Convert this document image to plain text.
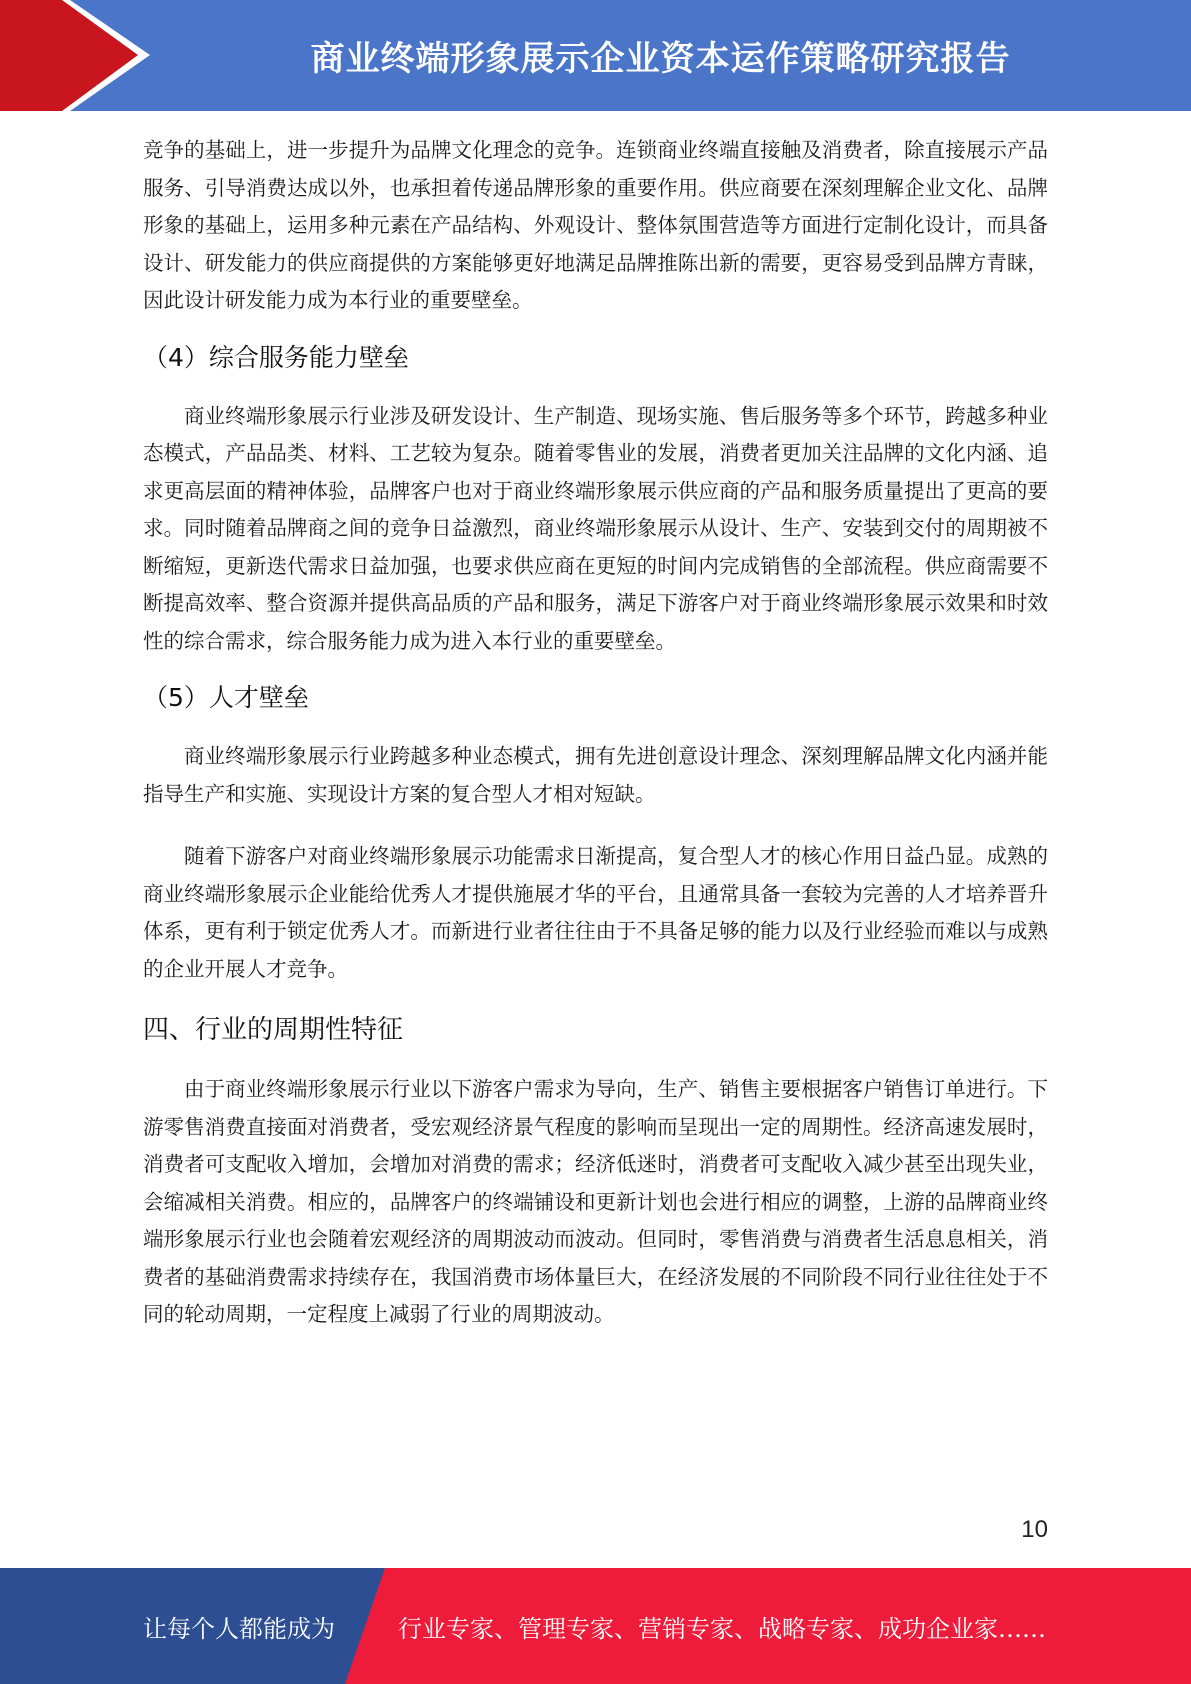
商业终端形象展示企业资本运作策略研究报告

竞争的基础上，进一步提升为品牌文化理念的竞争。连锁商业终端直接触及消费者，除直接展示产品服务、引导消费达成以外，也承担着传递品牌形象的重要作用。供应商要在深刻理解企业文化、品牌形象的基础上，运用多种元素在产品结构、外观设计、整体氛围营造等方面进行定制化设计，而具备设计、研发能力的供应商提供的方案能够更好地满足品牌推陈出新的需要，更容易受到品牌方青睐，因此设计研发能力成为本行业的重要壁垒。

（4）综合服务能力壁垒

商业终端形象展示行业涉及研发设计、生产制造、现场实施、售后服务等多个环节，跨越多种业态模式，产品品类、材料、工艺较为复杂。随着零售业的发展，消费者更加关注品牌的文化内涵、追求更高层面的精神体验，品牌客户也对于商业终端形象展示供应商的产品和服务质量提出了更高的要求。同时随着品牌商之间的竞争日益激烈，商业终端形象展示从设计、生产、安装到交付的周期被不断缩短，更新迭代需求日益加强，也要求供应商在更短的时间内完成销售的全部流程。供应商需要不断提高效率、整合资源并提供高品质的产品和服务，满足下游客户对于商业终端形象展示效果和时效性的综合需求，综合服务能力成为进入本行业的重要壁垒。

（5）人才壁垒

商业终端形象展示行业跨越多种业态模式，拥有先进创意设计理念、深刻理解品牌文化内涵并能指导生产和实施、实现设计方案的复合型人才相对短缺。

随着下游客户对商业终端形象展示功能需求日渐提高，复合型人才的核心作用日益凸显。成熟的商业终端形象展示企业能给优秀人才提供施展才华的平台，且通常具备一套较为完善的人才培养晋升体系，更有利于锁定优秀人才。而新进行业者往往由于不具备足够的能力以及行业经验而难以与成熟的企业开展人才竞争。

四、行业的周期性特征

由于商业终端形象展示行业以下游客户需求为导向，生产、销售主要根据客户销售订单进行。下游零售消费直接面对消费者，受宏观经济景气程度的影响而呈现出一定的周期性。经济高速发展时，消费者可支配收入增加，会增加对消费的需求；经济低迷时，消费者可支配收入减少甚至出现失业，会缩减相关消费。相应的，品牌客户的终端铺设和更新计划也会进行相应的调整，上游的品牌商业终端形象展示行业也会随着宏观经济的周期波动而波动。但同时，零售消费与消费者生活息息相关，消费者的基础消费需求持续存在，我国消费市场体量巨大，在经济发展的不同阶段不同行业往往处于不同的轮动周期，一定程度上减弱了行业的周期波动。

10
让每个人都能成为	行业专家、管理专家、营销专家、战略专家、成功企业家……
